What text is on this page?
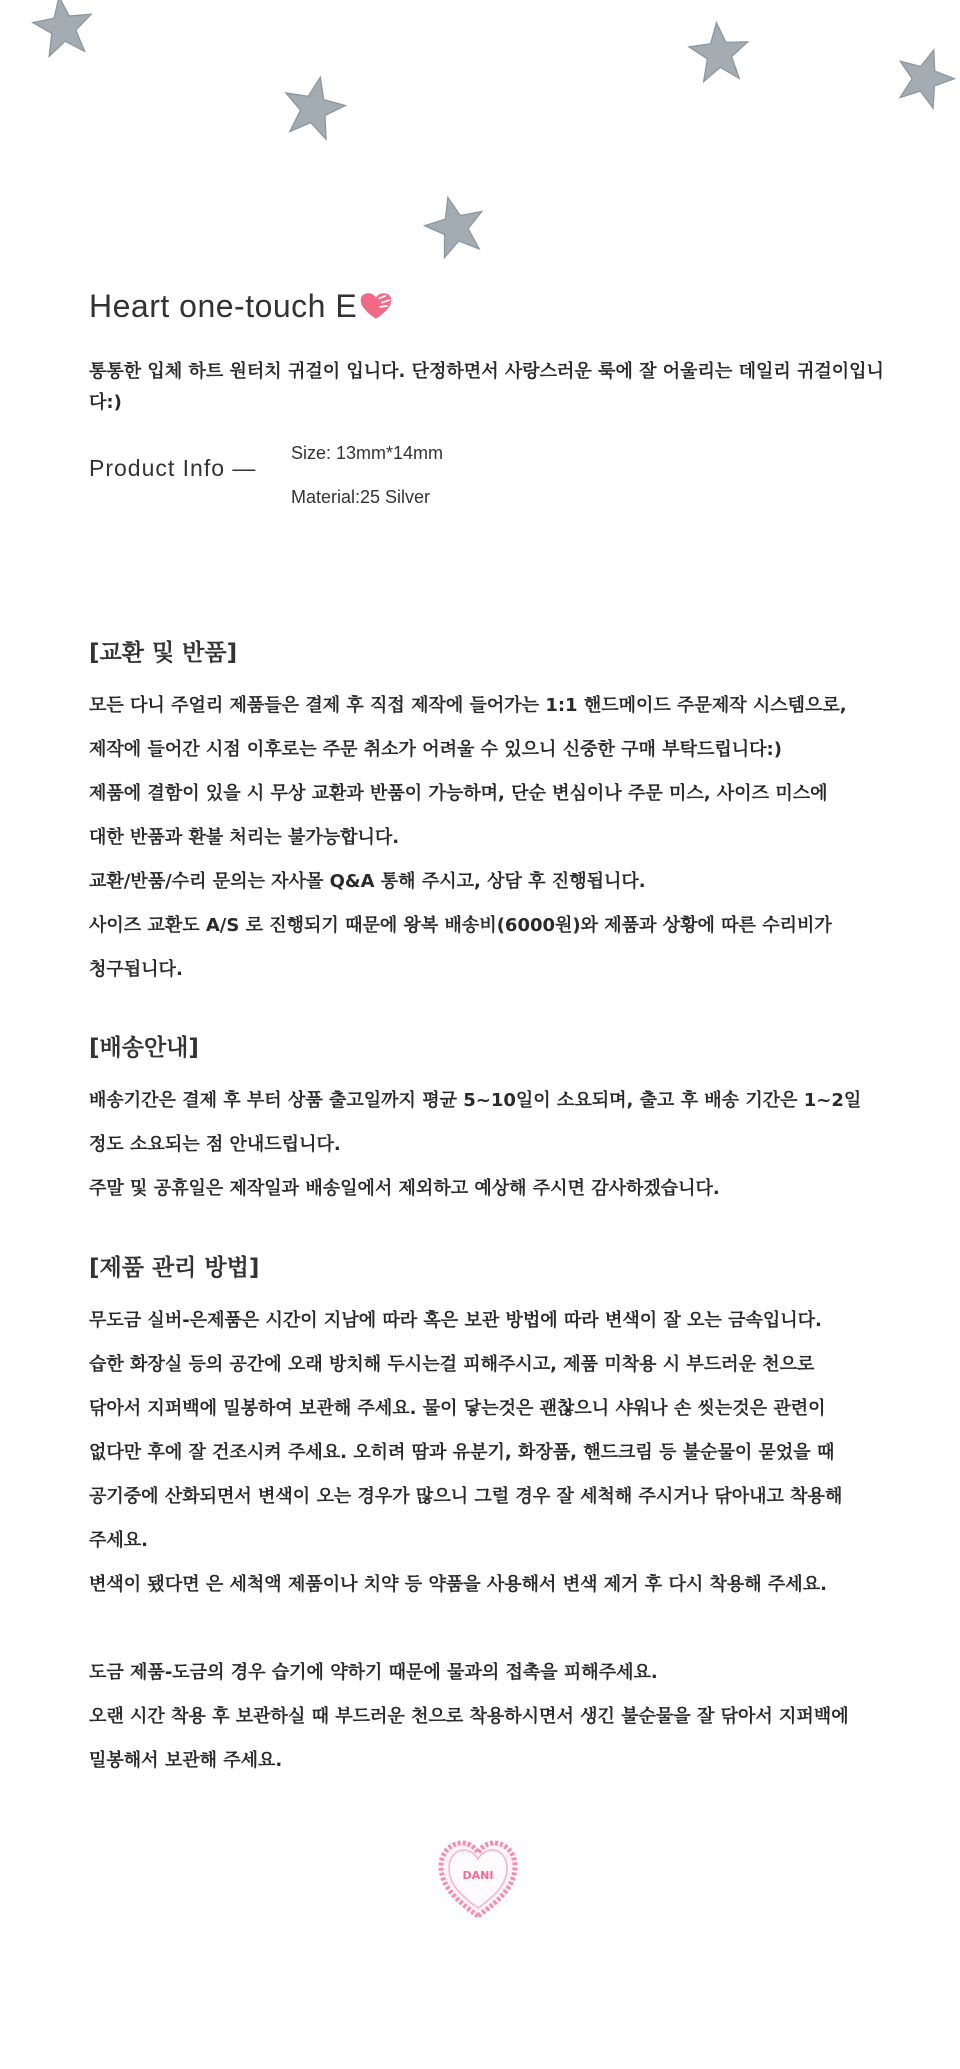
Heart one-touch E
통통한 입체 하트 원터치 귀걸이 입니다. 단정하면서 사랑스러운 룩에 잘 어울리는 데일리 귀걸이입니다:)
Product Info —
Size: 13mm*14mm
Material:25 Silver
[교환 및 반품]

모든 다니 주얼리 제품들은 결제 후 직접 제작에 들어가는 1:1 핸드메이드 주문제작 시스템으로,

제작에 들어간 시점 이후로는 주문 취소가 어려울 수 있으니 신중한 구매 부탁드립니다:)

제품에 결함이 있을 시 무상 교환과 반품이 가능하며, 단순 변심이나 주문 미스, 사이즈 미스에

대한 반품과 환불 처리는 불가능합니다.

교환/반품/수리 문의는 자사몰 Q&A 통해 주시고, 상담 후 진행됩니다.

사이즈 교환도 A/S 로 진행되기 때문에 왕복 배송비(6000원)와 제품과 상황에 따른 수리비가

청구됩니다.

[배송안내]

배송기간은 결제 후 부터 상품 출고일까지 평균 5~10일이 소요되며, 출고 후 배송 기간은 1~2일

정도 소요되는 점 안내드립니다.

주말 및 공휴일은 제작일과 배송일에서 제외하고 예상해 주시면 감사하겠습니다.

[제품 관리 방법]

무도금 실버-은제품은 시간이 지남에 따라 혹은 보관 방법에 따라 변색이 잘 오는 금속입니다.

습한 화장실 등의 공간에 오래 방치해 두시는걸 피해주시고, 제품 미착용 시 부드러운 천으로

닦아서 지퍼백에 밀봉하여 보관해 주세요. 물이 닿는것은 괜찮으니 샤워나 손 씻는것은 관련이

없다만 후에 잘 건조시켜 주세요. 오히려 땀과 유분기, 화장품, 핸드크림 등 불순물이 묻었을 때

공기중에 산화되면서 변색이 오는 경우가 많으니 그럴 경우 잘 세척해 주시거나 닦아내고 착용해

주세요.

변색이 됐다면 은 세척액 제품이나 치약 등 약품을 사용해서 변색 제거 후 다시 착용해 주세요.

도금 제품-도금의 경우 습기에 약하기 때문에 물과의 접촉을 피해주세요.

오랜 시간 착용 후 보관하실 때 부드러운 천으로 착용하시면서 생긴 불순물을 잘 닦아서 지퍼백에

밀봉해서 보관해 주세요.

DANI
